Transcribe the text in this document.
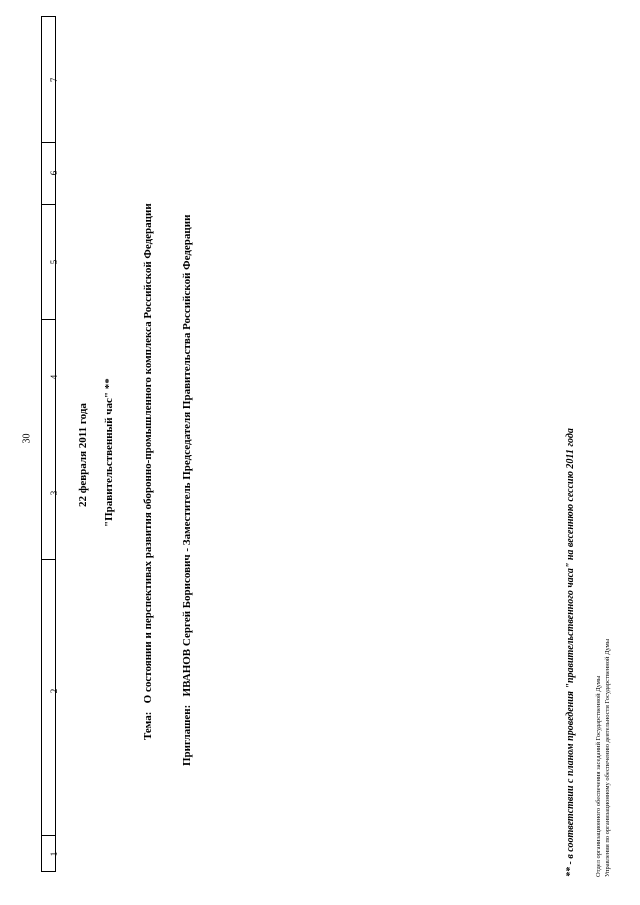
30
1
2
3
4
5
6
7
22 февраля 2011 года "Правительственный час" **
Тема:   О состоянии и перспективах развития оборонно-промышленного комплекса Российской Федерации
Приглашен:   ИВАНОВ Сергей Борисович - Заместитель Председателя Правительства Российской Федерации	** - в соответствии с планом проведения "правительственного часа" на весеннюю сессию 2011 года	Отдел организационного обеспечения заседаний Государственной Думы Управления по организационному обеспечению деятельности Государственной Думы
